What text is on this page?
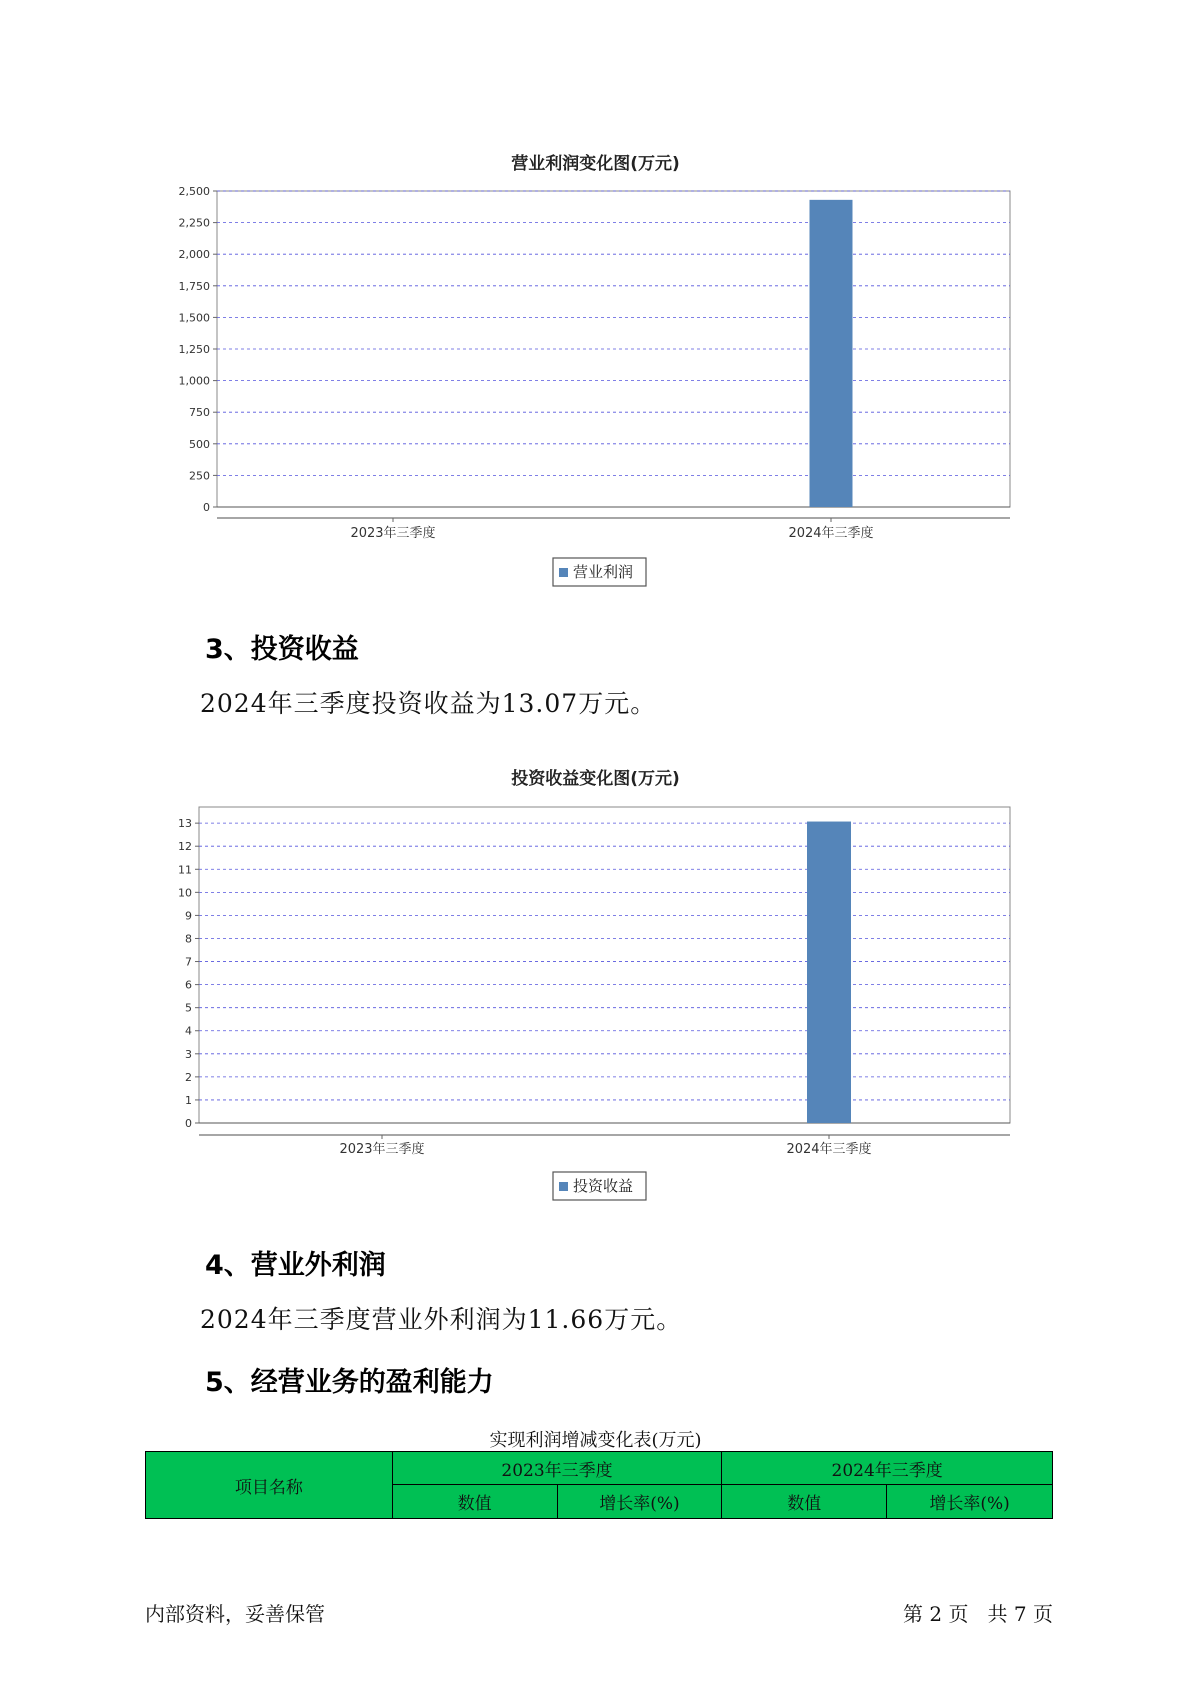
营业利润变化图(万元)
0
250
500
750
1,000
1,250
1,500
1,750
2,000
2,250
2,500
2023年三季度	2024年三季度
营业利润
3、投资收益
2024年三季度投资收益为13.07万元。
投资收益变化图(万元)
0
1
2
3
4
5
6
7
8
9
10
11
12
13
2023年三季度	2024年三季度
投资收益
4、营业外利润
2024年三季度营业外利润为11.66万元。
5、经营业务的盈利能力
实现利润增减变化表(万元)
项目名称	2023年三季度		2024年三季度	
	数值	增长率(%)	数值	增长率(%)
内部资料，妥善保管	第 2 页   共 7 页
